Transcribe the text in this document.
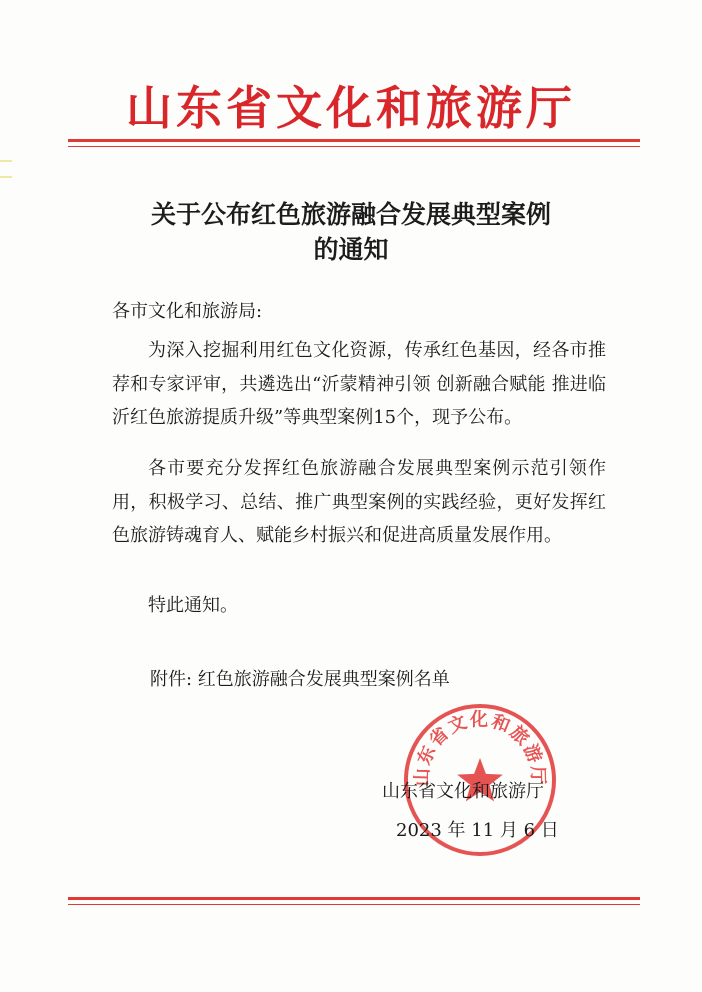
山东省文化和旅游厅
关于公布红色旅游融合发展典型案例
的通知
各市文化和旅游局:

为深入挖掘利用红色文化资源，传承红色基因，经各市推荐和专家评审，共遴选出“沂蒙精神引领 创新融合赋能 推进临沂红色旅游提质升级”等典型案例15个，现予公布。

各市要充分发挥红色旅游融合发展典型案例示范引领作用，积极学习、总结、推广典型案例的实践经验，更好发挥红色旅游铸魂育人、赋能乡村振兴和促进高质量发展作用。

特此通知。

附件: 红色旅游融合发展典型案例名单
山东省文化和旅游厅
山东省文化和旅游厅
2023 年 11 月 6 日
